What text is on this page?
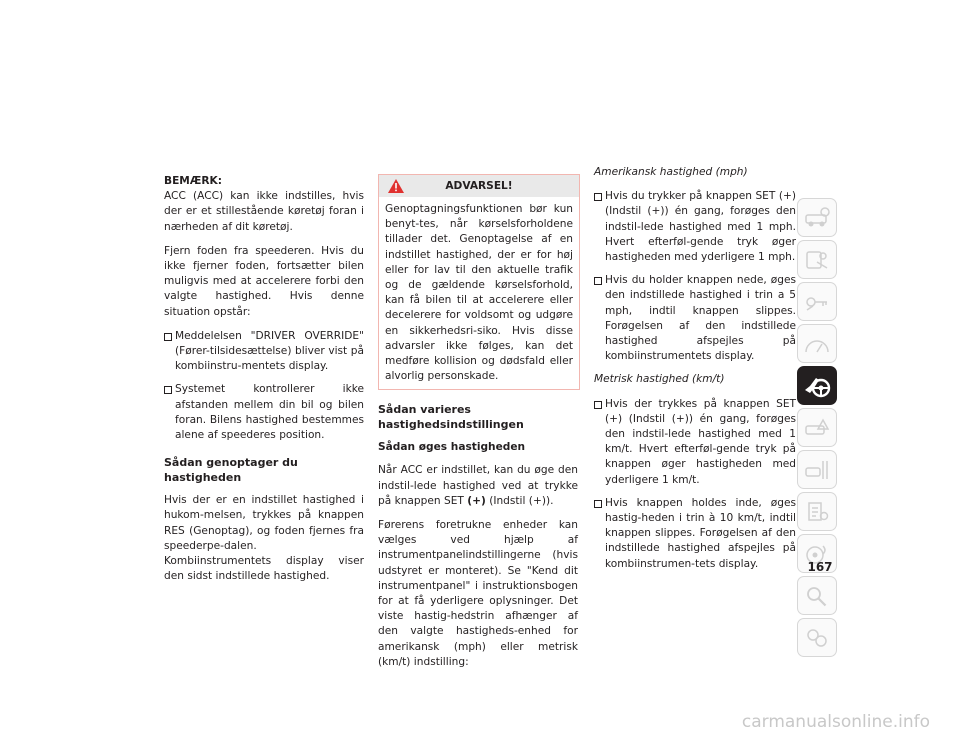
BEMÆRK:
ACC (ACC) kan ikke indstilles, hvis der er et stillestående køretøj foran i nærheden af dit køretøj.

Fjern foden fra speederen. Hvis du ikke fjerner foden, fortsætter bilen muligvis med at accelerere forbi den valgte hastighed. Hvis denne situation opstår:

Meddelelsen "DRIVER OVERRIDE" (Fører-tilsidesættelse) bliver vist på kombiinstru-mentets display.
Systemet kontrollerer ikke afstanden mellem din bil og bilen foran. Bilens hastighed bestemmes alene af speederes position.
Sådan genoptager du hastigheden

Hvis der er en indstillet hastighed i hukom-melsen, trykkes på knappen RES (Genoptag), og foden fjernes fra speederpe-dalen. Kombiinstrumentets display viser den sidst indstillede hastighed.

ADVARSEL!

Genoptagningsfunktionen bør kun benyt-tes, når kørselsforholdene tillader det. Genoptagelse af en indstillet hastighed, der er for høj eller for lav til den aktuelle trafik og de gældende kørselsforhold, kan få bilen til at accelerere eller decelerere for voldsomt og udgøre en sikkerhedsri-siko. Hvis disse advarsler ikke følges, kan det medføre kollision og dødsfald eller alvorlig personskade.

Sådan varieres hastighedsindstillingen
Sådan øges hastigheden

Når ACC er indstillet, kan du øge den indstil-lede hastighed ved at trykke på knappen SET (+) (Indstil (+)).

Førerens foretrukne enheder kan vælges ved hjælp af instrumentpanelindstillingerne (hvis udstyret er monteret). Se "Kend dit instrumentpanel" i instruktionsbogen for at få yderligere oplysninger. Det viste hastig-hedstrin afhænger af den valgte hastigheds-enhed for amerikansk (mph) eller metrisk (km/t) indstilling:

Amerikansk hastighed (mph)

Hvis du trykker på knappen SET (+) (Indstil (+)) én gang, forøges den indstil-lede hastighed med 1 mph. Hvert efterføl-gende tryk øger hastigheden med yderligere 1 mph.
Hvis du holder knappen nede, øges den indstillede hastighed i trin a 5 mph, indtil knappen slippes. Forøgelsen af den indstillede hastighed afspejles på kombiinstrumentets display.

Metrisk hastighed (km/t)

Hvis der trykkes på knappen SET (+) (Indstil (+)) én gang, forøges den indstil-lede hastighed med 1 km/t. Hvert efterføl-gende tryk på knappen øger hastigheden med yderligere 1 km/t.
Hvis knappen holdes inde, øges hastig-heden i trin à 10 km/t, indtil knappen slippes. Forøgelsen af den indstillede hastighed afspejles på kombiinstrumen-tets display.	167
carmanualsonline.info
